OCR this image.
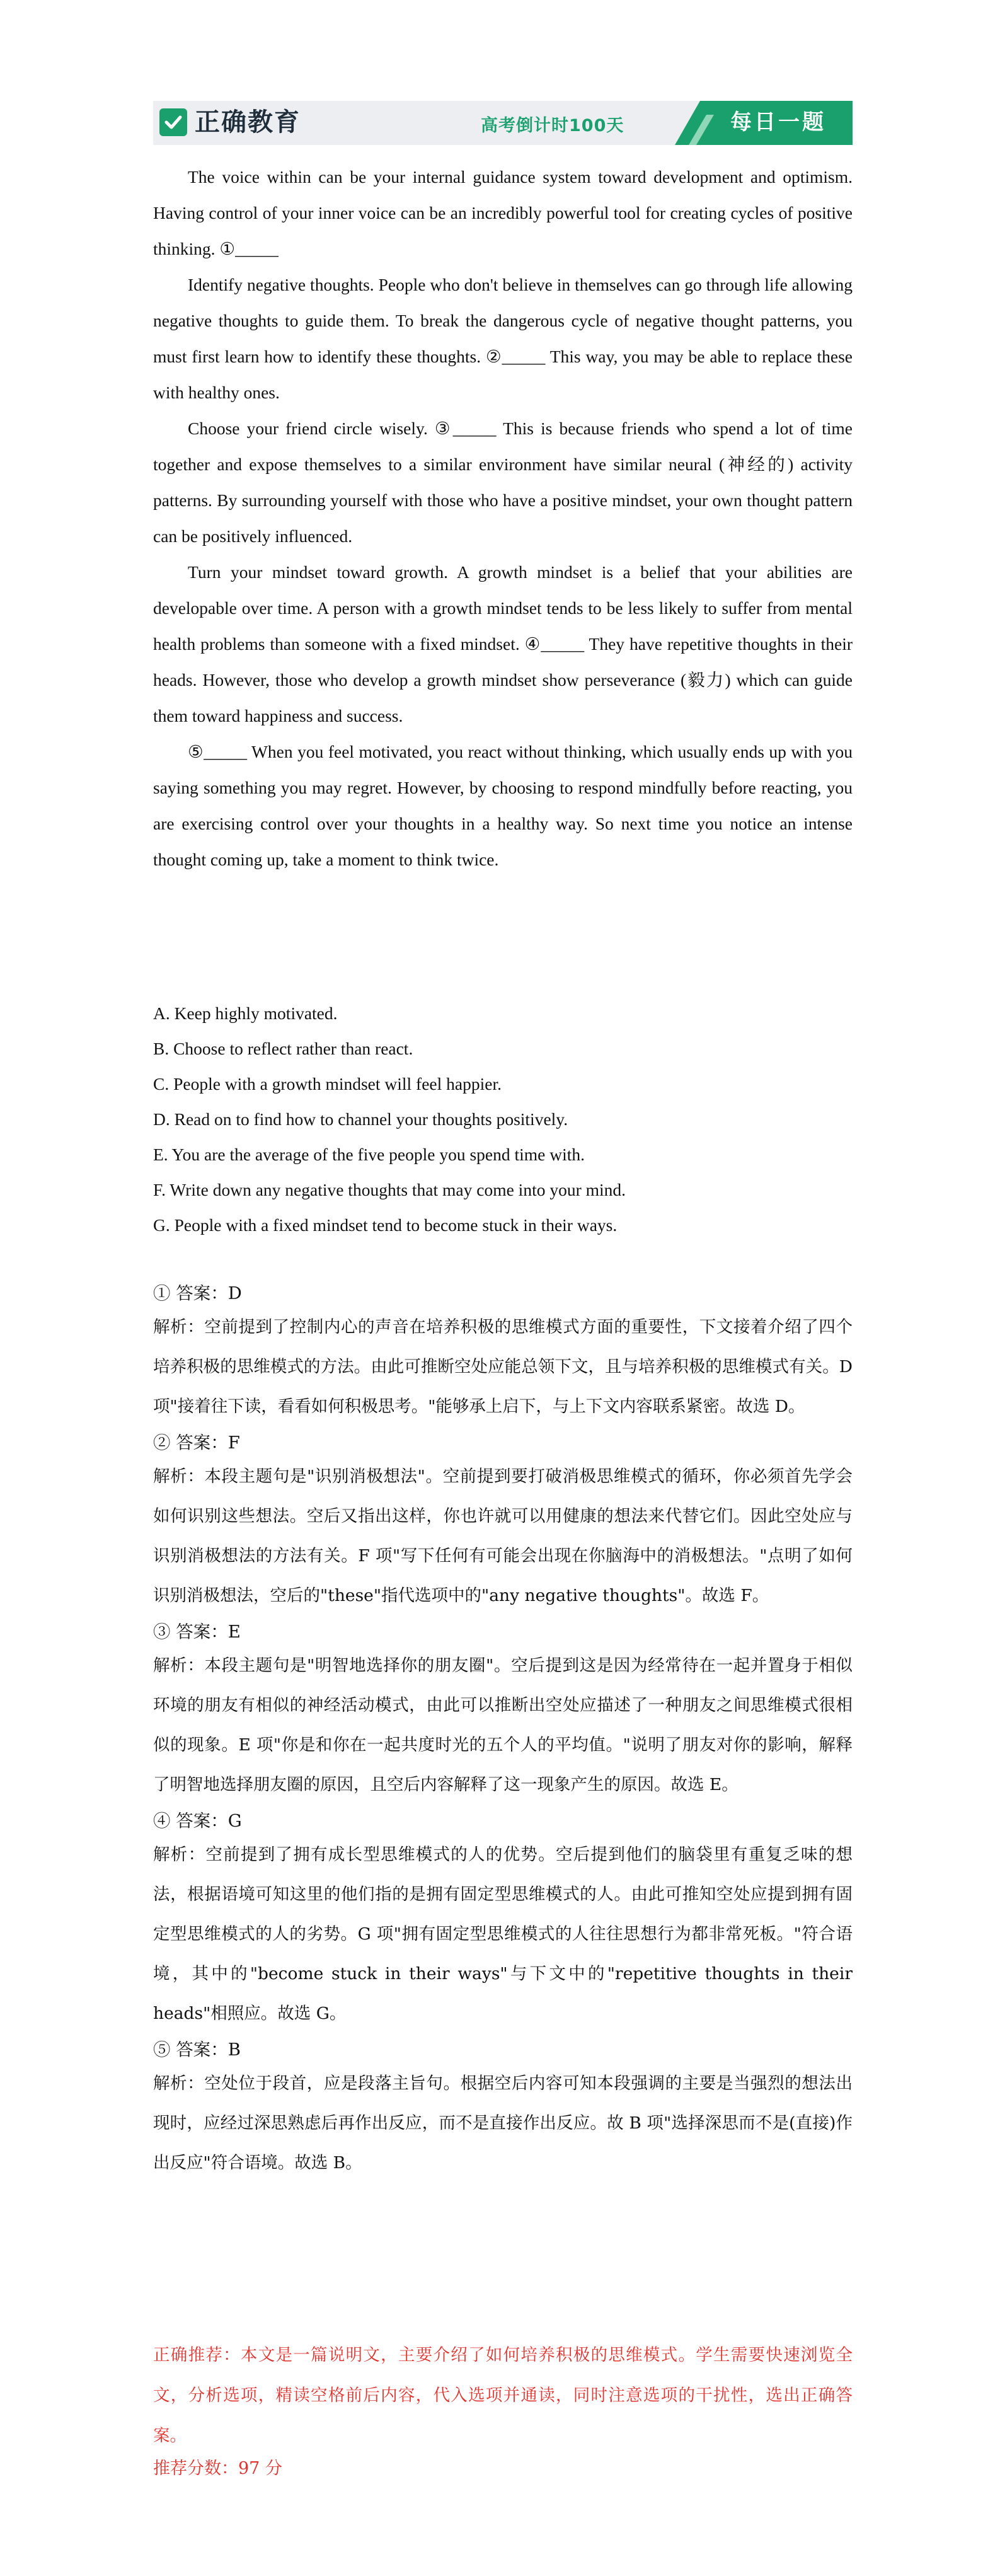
正确教育	高考倒计时100天	每日一题

The voice within can be your internal guidance system toward development and optimism. Having control of your inner voice can be an incredibly powerful tool for creating cycles of positive thinking. ①_____

Identify negative thoughts. People who don't believe in themselves can go through life allowing negative thoughts to guide them. To break the dangerous cycle of negative thought patterns, you must first learn how to identify these thoughts. ②_____ This way, you may be able to replace these with healthy ones.

Choose your friend circle wisely. ③_____ This is because friends who spend a lot of time together and expose themselves to a similar environment have similar neural (神经的) activity patterns. By surrounding yourself with those who have a positive mindset, your own thought pattern can be positively influenced.

Turn your mindset toward growth. A growth mindset is a belief that your abilities are developable over time. A person with a growth mindset tends to be less likely to suffer from mental health problems than someone with a fixed mindset. ④_____ They have repetitive thoughts in their heads. However, those who develop a growth mindset show perseverance (毅力) which can guide them toward happiness and success.

⑤_____ When you feel motivated, you react without thinking, which usually ends up with you saying something you may regret. However, by choosing to respond mindfully before reacting, you are exercising control over your thoughts in a healthy way. So next time you notice an intense thought coming up, take a moment to think twice.

A. Keep highly motivated.

B. Choose to reflect rather than react.

C. People with a growth mindset will feel happier.

D. Read on to find how to channel your thoughts positively.

E. You are the average of the five people you spend time with.

F. Write down any negative thoughts that may come into your mind.

G. People with a fixed mindset tend to become stuck in their ways.

① 答案：D

解析：空前提到了控制内心的声音在培养积极的思维模式方面的重要性，下文接着介绍了四个培养积极的思维模式的方法。由此可推断空处应能总领下文，且与培养积极的思维模式有关。D 项"接着往下读，看看如何积极思考。"能够承上启下，与上下文内容联系紧密。故选 D。

② 答案：F

解析：本段主题句是"识别消极想法"。空前提到要打破消极思维模式的循环，你必须首先学会如何识别这些想法。空后又指出这样，你也许就可以用健康的想法来代替它们。因此空处应与识别消极想法的方法有关。F 项"写下任何有可能会出现在你脑海中的消极想法。"点明了如何识别消极想法，空后的"these"指代选项中的"any negative thoughts"。故选 F。

③ 答案：E

解析：本段主题句是"明智地选择你的朋友圈"。空后提到这是因为经常待在一起并置身于相似环境的朋友有相似的神经活动模式，由此可以推断出空处应描述了一种朋友之间思维模式很相似的现象。E 项"你是和你在一起共度时光的五个人的平均值。"说明了朋友对你的影响，解释了明智地选择朋友圈的原因，且空后内容解释了这一现象产生的原因。故选 E。

④ 答案：G

解析：空前提到了拥有成长型思维模式的人的优势。空后提到他们的脑袋里有重复乏味的想法，根据语境可知这里的他们指的是拥有固定型思维模式的人。由此可推知空处应提到拥有固定型思维模式的人的劣势。G 项"拥有固定型思维模式的人往往思想行为都非常死板。"符合语境，其中的"become stuck in their ways"与下文中的"repetitive thoughts in their heads"相照应。故选 G。

⑤ 答案：B

解析：空处位于段首，应是段落主旨句。根据空后内容可知本段强调的主要是当强烈的想法出现时，应经过深思熟虑后再作出反应，而不是直接作出反应。故 B 项"选择深思而不是(直接)作出反应"符合语境。故选 B。

正确推荐：本文是一篇说明文，主要介绍了如何培养积极的思维模式。学生需要快速浏览全文，分析选项，精读空格前后内容，代入选项并通读，同时注意选项的干扰性，选出正确答案。

推荐分数：97 分
